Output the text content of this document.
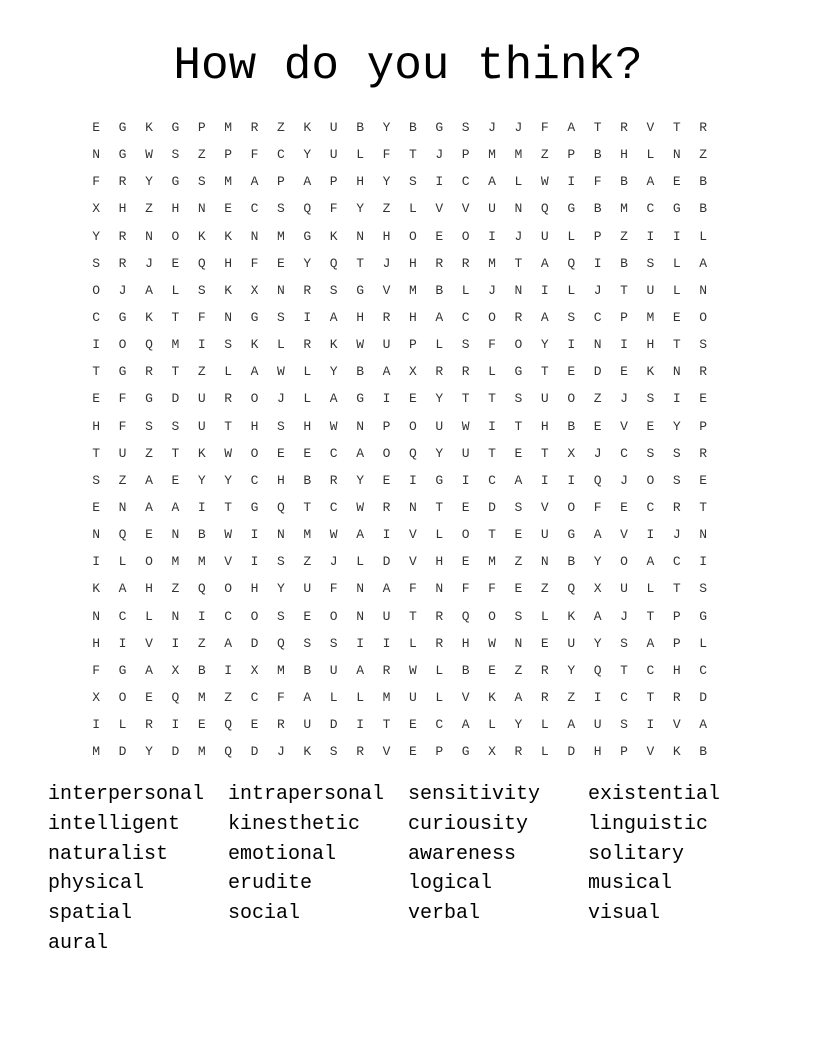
How do you think?
E	G	K	G	P	M	R	Z	K	U	B	Y	B	G	S	J	J	F	A	T	R	V	T	R
N	G	W	S	Z	P	F	C	Y	U	L	F	T	J	P	M	M	Z	P	B	H	L	N	Z
F	R	Y	G	S	M	A	P	A	P	H	Y	S	I	C	A	L	W	I	F	B	A	E	B
X	H	Z	H	N	E	C	S	Q	F	Y	Z	L	V	V	U	N	Q	G	B	M	C	G	B
Y	R	N	O	K	K	N	M	G	K	N	H	O	E	O	I	J	U	L	P	Z	I	I	L
S	R	J	E	Q	H	F	E	Y	Q	T	J	H	R	R	M	T	A	Q	I	B	S	L	A
O	J	A	L	S	K	X	N	R	S	G	V	M	B	L	J	N	I	L	J	T	U	L	N
C	G	K	T	F	N	G	S	I	A	H	R	H	A	C	O	R	A	S	C	P	M	E	O
I	O	Q	M	I	S	K	L	R	K	W	U	P	L	S	F	O	Y	I	N	I	H	T	S
T	G	R	T	Z	L	A	W	L	Y	B	A	X	R	R	L	G	T	E	D	E	K	N	R
E	F	G	D	U	R	O	J	L	A	G	I	E	Y	T	T	S	U	O	Z	J	S	I	E
H	F	S	S	U	T	H	S	H	W	N	P	O	U	W	I	T	H	B	E	V	E	Y	P
T	U	Z	T	K	W	O	E	E	C	A	O	Q	Y	U	T	E	T	X	J	C	S	S	R
S	Z	A	E	Y	Y	C	H	B	R	Y	E	I	G	I	C	A	I	I	Q	J	O	S	E
E	N	A	A	I	T	G	Q	T	C	W	R	N	T	E	D	S	V	O	F	E	C	R	T
N	Q	E	N	B	W	I	N	M	W	A	I	V	L	O	T	E	U	G	A	V	I	J	N
I	L	O	M	M	V	I	S	Z	J	L	D	V	H	E	M	Z	N	B	Y	O	A	C	I
K	A	H	Z	Q	O	H	Y	U	F	N	A	F	N	F	F	E	Z	Q	X	U	L	T	S
N	C	L	N	I	C	O	S	E	O	N	U	T	R	Q	O	S	L	K	A	J	T	P	G
H	I	V	I	Z	A	D	Q	S	S	I	I	L	R	H	W	N	E	U	Y	S	A	P	L
F	G	A	X	B	I	X	M	B	U	A	R	W	L	B	E	Z	R	Y	Q	T	C	H	C
X	O	E	Q	M	Z	C	F	A	L	L	M	U	L	V	K	A	R	Z	I	C	T	R	D
I	L	R	I	E	Q	E	R	U	D	I	T	E	C	A	L	Y	L	A	U	S	I	V	A
M	D	Y	D	M	Q	D	J	K	S	R	V	E	P	G	X	R	L	D	H	P	V	K	B
interpersonal	intrapersonal	sensitivity	existential
intelligent	kinesthetic	curiousity	linguistic
naturalist	emotional	awareness	solitary
physical	erudite	logical	musical
spatial	social	verbal	visual
aural
